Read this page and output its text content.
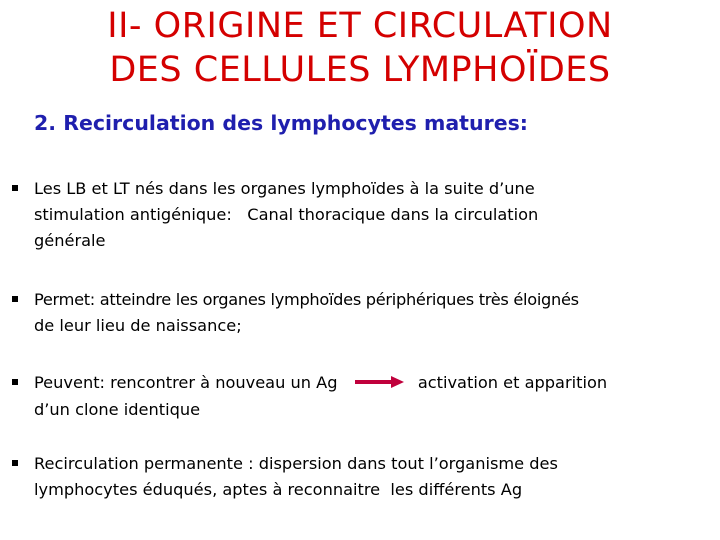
II- ORIGINE ET CIRCULATION
DES CELLULES LYMPHOÏDES
2. Recirculation des lymphocytes matures:
Les LB et LT nés dans les organes lymphoïdes à la suite d’une
stimulation antigénique:   Canal thoracique dans la circulation
générale
Permet: atteindre les organes lymphoïdes périphériques très éloignés
de leur lieu de naissance;
Peuvent: rencontrer à nouveau un Ag	activation et apparition
d’un clone identique
Recirculation permanente : dispersion dans tout l’organisme des
lymphocytes éduqués, aptes à reconnaitre  les différents Ag
